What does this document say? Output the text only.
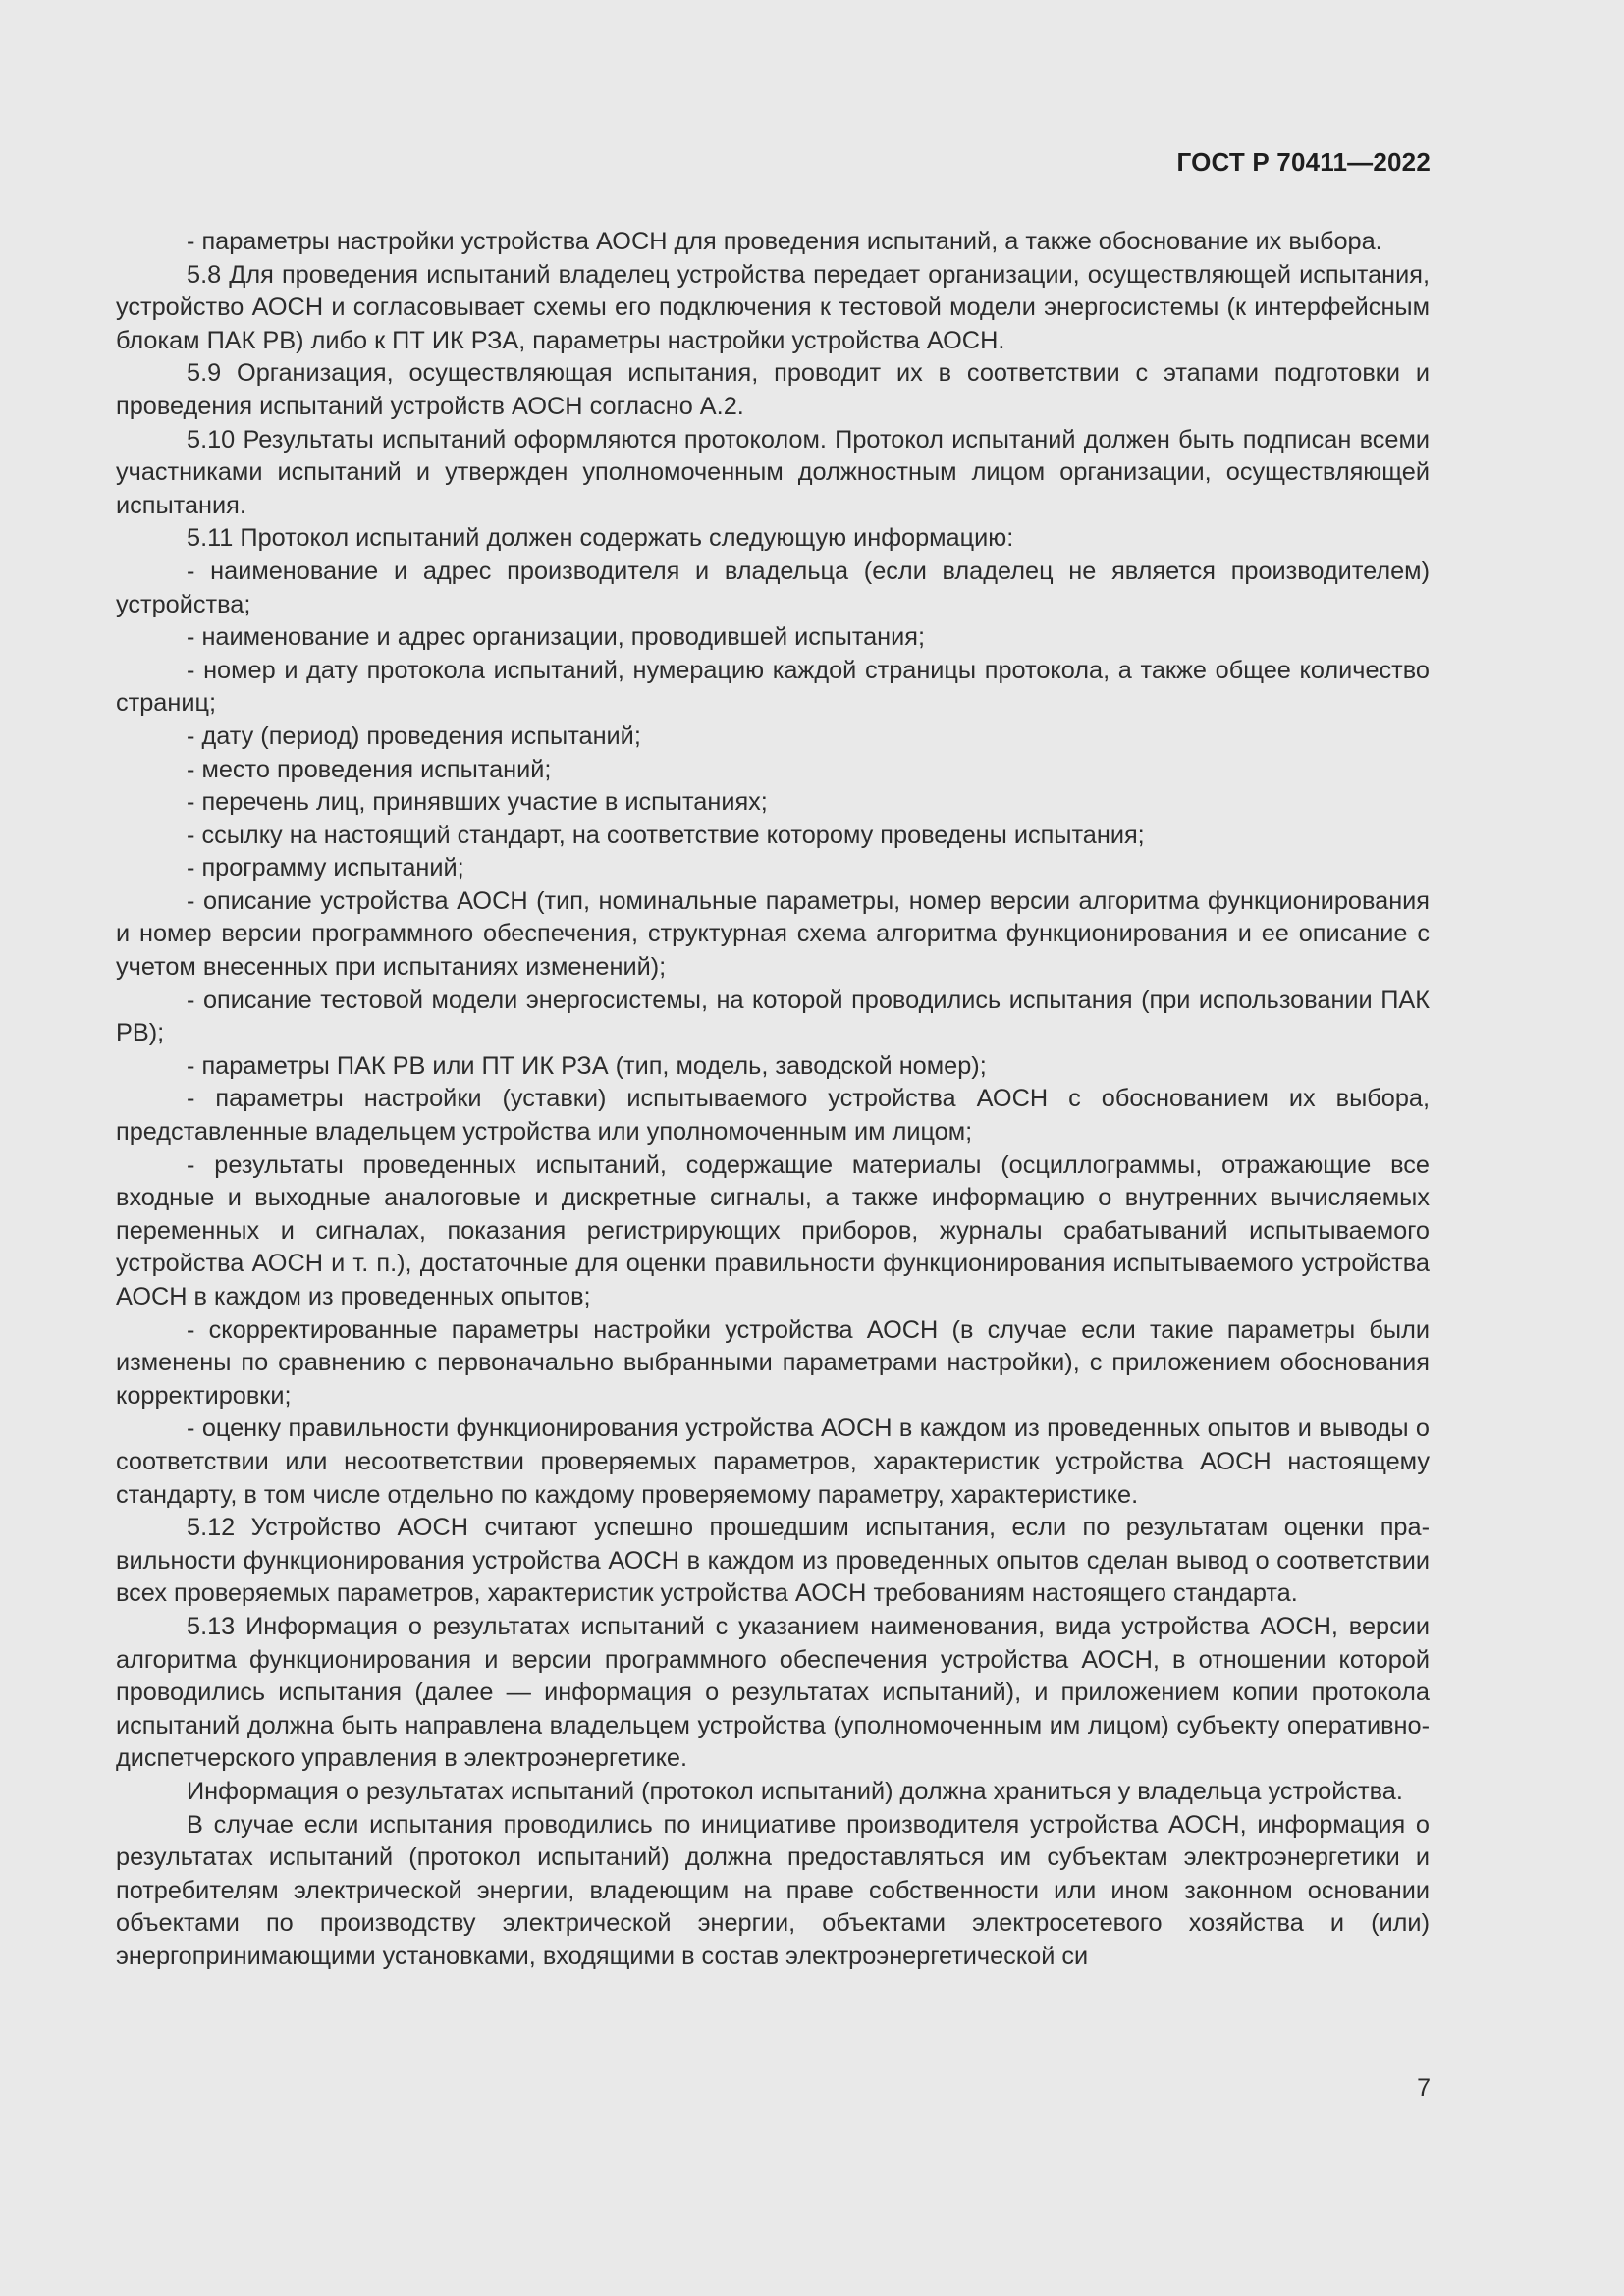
ГОСТ Р 70411—2022

- параметры настройки устройства АОСН для проведения испытаний, а также обоснование их выбора.

5.8 Для проведения испытаний владелец устройства передает организации, осуществляющей испытания, устройство АОСН и согласовывает схемы его подключения к тестовой модели энергосистемы (к интерфейсным блокам ПАК РВ) либо к ПТ ИК РЗА, параметры настройки устройства АОСН.

5.9 Организация, осуществляющая испытания, проводит их в соответствии с этапами подготовки и проведения испытаний устройств АОСН согласно А.2.

5.10 Результаты испытаний оформляются протоколом. Протокол испытаний должен быть подписан всеми участниками испытаний и утвержден уполномоченным должностным лицом организации, осуществляющей испытания.

5.11 Протокол испытаний должен содержать следующую информацию:

- наименование и адрес производителя и владельца (если владелец не является производителем) устройства;

- наименование и адрес организации, проводившей испытания;

- номер и дату протокола испытаний, нумерацию каждой страницы протокола, а также общее количество страниц;

- дату (период) проведения испытаний;

- место проведения испытаний;

- перечень лиц, принявших участие в испытаниях;

- ссылку на настоящий стандарт, на соответствие которому проведены испытания;

- программу испытаний;

- описание устройства АОСН (тип, номинальные параметры, номер версии алгоритма функционирования и номер версии программного обеспечения, структурная схема алгоритма функционирования и ее описание с учетом внесенных при испытаниях изменений);

- описание тестовой модели энергосистемы, на которой проводились испытания (при использовании ПАК РВ);

- параметры ПАК РВ или ПТ ИК РЗА (тип, модель, заводской номер);

- параметры настройки (уставки) испытываемого устройства АОСН с обоснованием их выбора, представленные владельцем устройства или уполномоченным им лицом;

- результаты проведенных испытаний, содержащие материалы (осциллограммы, отражающие все входные и выходные аналоговые и дискретные сигналы, а также информацию о внутренних вычисляемых переменных и сигналах, показания регистрирующих приборов, журналы срабатываний испытываемого устройства АОСН и т. п.), достаточные для оценки правильности функционирования испытываемого устройства АОСН в каждом из проведенных опытов;

- скорректированные параметры настройки устройства АОСН (в случае если такие параметры были изменены по сравнению с первоначально выбранными параметрами настройки), с приложением обоснования корректировки;

- оценку правильности функционирования устройства АОСН в каждом из проведенных опытов и выводы о соответствии или несоответствии проверяемых параметров, характеристик устройства АОСН настоящему стандарту, в том числе отдельно по каждому проверяемому параметру, характеристике.

5.12 Устройство АОСН считают успешно прошедшим испытания, если по результатам оценки правильности функционирования устройства АОСН в каждом из проведенных опытов сделан вывод о соответствии всех проверяемых параметров, характеристик устройства АОСН требованиям настоящего стандарта.

5.13 Информация о результатах испытаний с указанием наименования, вида устройства АОСН, версии алгоритма функционирования и версии программного обеспечения устройства АОСН, в отношении которой проводились испытания (далее — информация о результатах испытаний), и приложением копии протокола испытаний должна быть направлена владельцем устройства (уполномоченным им лицом) субъекту оперативно-диспетчерского управления в электроэнергетике.

Информация о результатах испытаний (протокол испытаний) должна храниться у владельца устройства.

В случае если испытания проводились по инициативе производителя устройства АОСН, информация о результатах испытаний (протокол испытаний) должна предоставляться им субъектам электроэнергетики и потребителям электрической энергии, владеющим на праве собственности или ином законном основании объектами по производству электрической энергии, объектами электросетевого хозяйства и (или) энергопринимающими установками, входящими в состав электроэнергетической си

7
